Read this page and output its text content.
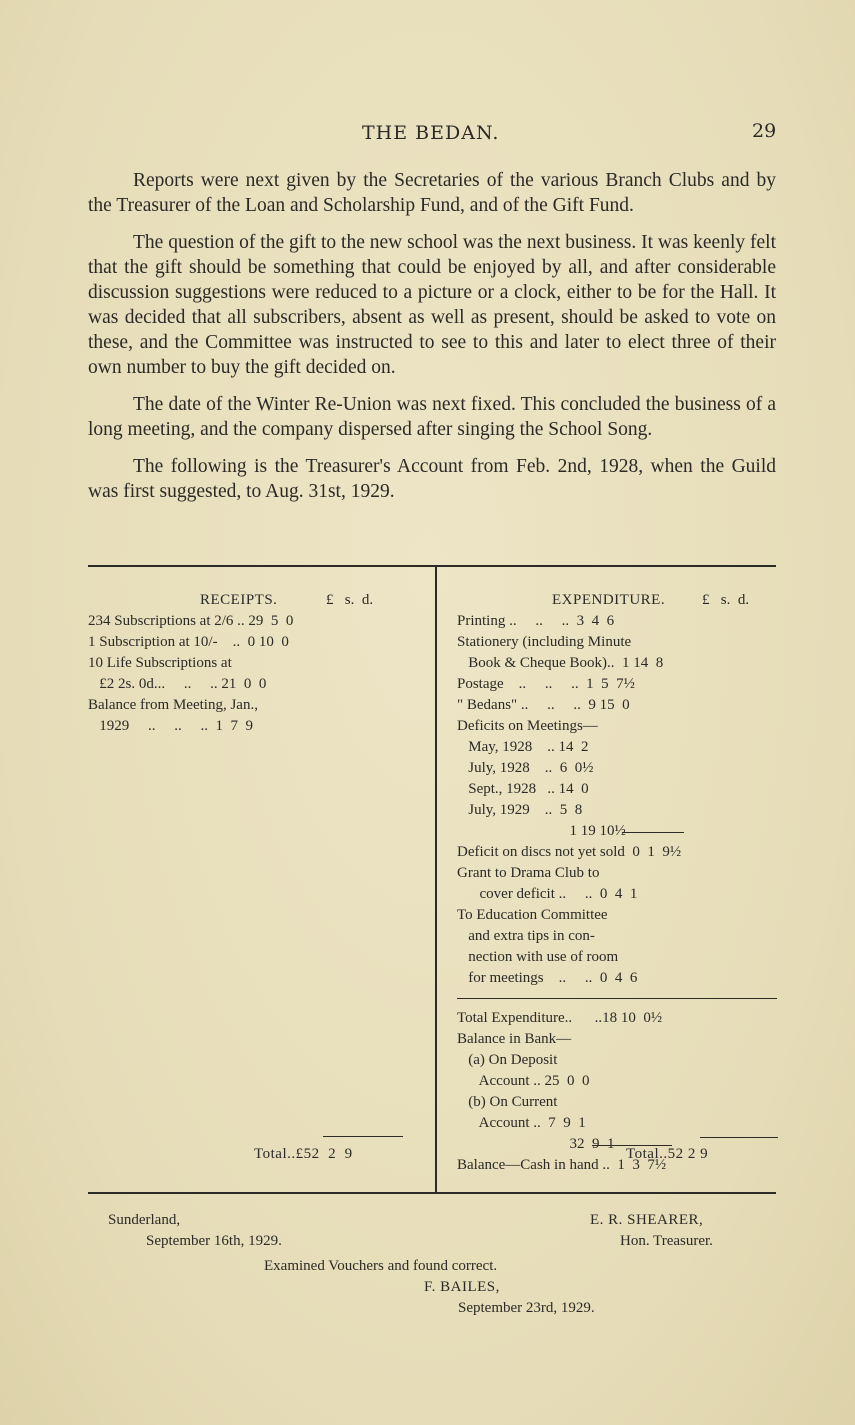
THE BEDAN.	29

Reports were next given by the Secretaries of the various Branch Clubs and by the Treasurer of the Loan and Scholarship Fund, and of the Gift Fund.

The question of the gift to the new school was the next business. It was keenly felt that the gift should be something that could be enjoyed by all, and after considerable discussion suggestions were reduced to a picture or a clock, either to be for the Hall. It was decided that all subscribers, absent as well as present, should be asked to vote on these, and the Committee was instructed to see to this and later to elect three of their own number to buy the gift decided on.

The date of the Winter Re-Union was next fixed. This concluded the business of a long meeting, and the company dispersed after singing the School Song.

The following is the Treasurer's Account from Feb. 2nd, 1928, when the Guild was first suggested, to Aug. 31st, 1929.

RECEIPTS.	£   s.  d.
234 Subscriptions at 2/6 .. 29  5  0
1 Subscription at 10/-    ..  0 10  0
10 Life Subscriptions at
£2 2s. 0d...     ..     .. 21  0  0
Balance from Meeting, Jan.,
1929     ..     ..     ..  1  7  9
Total..£52  2  9
EXPENDITURE. £   s.  d.
Printing ..     ..     ..  3  4  6
Stationery (including Minute
Book & Cheque Book)..  1 14  8
Postage    ..     ..     ..  1  5  7½
" Bedans" ..     ..     ..  9 15  0
Deficits on Meetings—
May, 1928    .. 14  2
July, 1928    ..  6  0½
Sept., 1928   .. 14  0
July, 1929    ..  5  8
1 19 10½
Deficit on discs not yet sold  0  1  9½
Grant to Drama Club to
cover deficit ..     ..  0  4  1
To Education Committee
and extra tips in con-
nection with use of room
for meetings    ..     ..  0  4  6
Total Expenditure..      ..18 10  0½
Balance in Bank—
(a) On Deposit
Account .. 25  0  0
(b) On Current
Account ..  7  9  1
32  9  1
Balance—Cash in hand ..  1  3  7½
Total..52 2 9
Sunderland,
September 16th, 1929.
E. R. SHEARER,
Hon. Treasurer.
Examined Vouchers and found correct.
F. BAILES,
September 23rd, 1929.
